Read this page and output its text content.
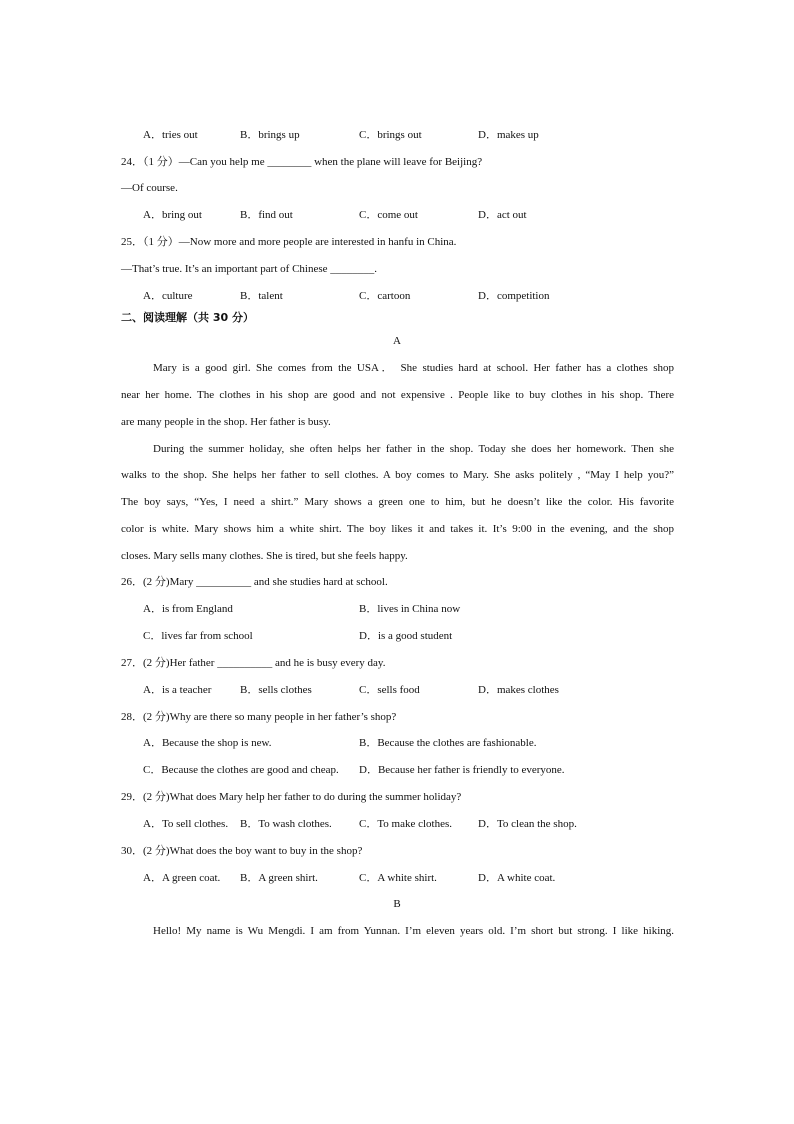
A．tries out	B．brings up	C．brings out	D．makes up
24．（1 分）—Can you help me ________ when the plane will leave for Beijing?
—Of course.
A．bring out	B．find out	C．come out	D．act out
25．（1 分）—Now more and more people are interested in hanfu in China.
—That’s true. It’s an important part of Chinese ________.
A．culture	B．talent	C．cartoon	D．competition
二、阅读理解（共 30 分）
A
Mary is a good girl. She comes from the USA． She studies hard at school. Her father has a clothes shop
near her home. The clothes in his shop are good and not expensive . People like to buy clothes in his shop. There
are many people in the shop. Her father is busy.
During the summer holiday, she often helps her father in the shop. Today she does her homework. Then she
walks to the shop. She helps her father to sell clothes. A boy comes to Mary. She asks politely , “May I help you?”
The boy says, “Yes, I need a shirt.” Mary shows a green one to him, but he doesn’t like the color. His favorite
color is white. Mary shows him a white shirt. The boy likes it and takes it. It’s 9:00 in the evening, and the shop
closes. Mary sells many clothes. She is tired, but she feels happy.
26．(2 分)Mary __________ and she studies hard at school.
A．is from England	B．lives in China now
C．lives far from school	D．is a good student
27．(2 分)Her father __________ and he is busy every day.
A．is a teacher	B．sells clothes	C．sells food	D．makes clothes
28．(2 分)Why are there so many people in her father’s shop?
A．Because the shop is new.	B．Because the clothes are fashionable.
C．Because the clothes are good and cheap. D．Because her father is friendly to everyone.
29．(2 分)What does Mary help her father to do during the summer holiday?
A．To sell clothes. B．To wash clothes. C．To make clothes. D．To clean the shop.
30．(2 分)What does the boy want to buy in the shop?
A．A green coat. B．A green shirt.	C．A white shirt.	D．A white coat.
B
Hello! My name is Wu Mengdi. I am from Yunnan. I’m eleven years old. I’m short but strong. I like hiking.
